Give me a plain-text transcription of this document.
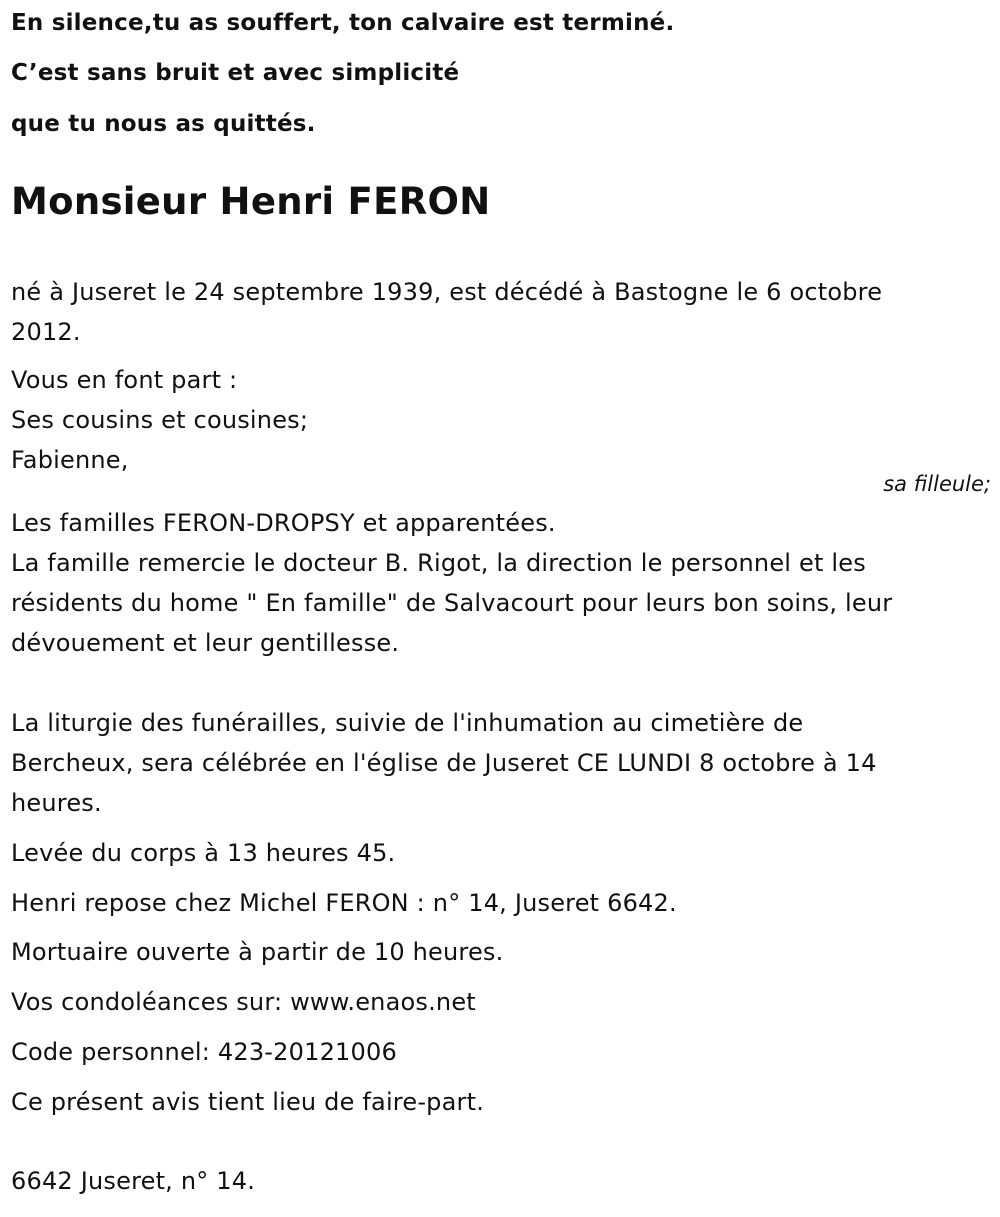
En silence,tu as souffert, ton calvaire est terminé.
C’est sans bruit et avec simplicité
que tu nous as quittés.
Monsieur Henri FERON
né à Juseret le 24 septembre 1939, est décédé à Bastogne le 6 octobre
2012.
Vous en font part :
Ses cousins et cousines;
Fabienne,
sa filleule;
Les familles FERON-DROPSY et apparentées.
La famille remercie le docteur B. Rigot, la direction le personnel et les
résidents du home " En famille" de Salvacourt pour leurs bon soins, leur
dévouement et leur gentillesse.
La liturgie des funérailles, suivie de l'inhumation au cimetière de
Bercheux, sera célébrée en l'église de Juseret CE LUNDI 8 octobre à 14
heures.
Levée du corps à 13 heures 45.
Henri repose chez Michel FERON : n° 14, Juseret 6642.
Mortuaire ouverte à partir de 10 heures.
Vos condoléances sur: www.enaos.net
Code personnel: 423-20121006
Ce présent avis tient lieu de faire-part.
6642 Juseret, n° 14.
